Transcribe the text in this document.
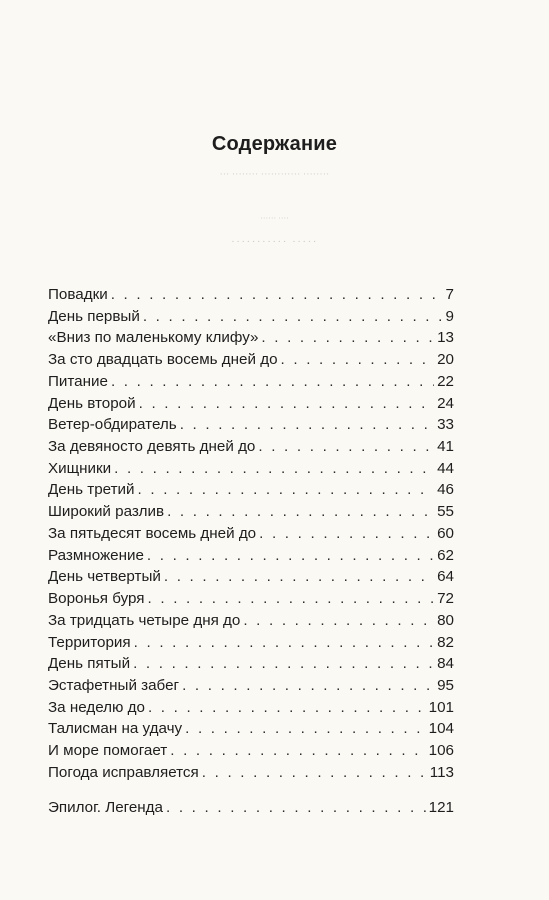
··· ········ ············ ········
······ ····
··········· ·····
Содержание
Повадки . . .	7
День первый . . .	9
«Вниз по маленькому клифу» . . .	13
За сто двадцать восемь дней до . . .	20
Питание . . .	22
День второй . . .	24
Ветер-обдиратель . . .	33
За девяносто девять дней до . . .	41
Хищники . . .	44
День третий . . .	46
Широкий разлив . . .	55
За пятьдесят восемь дней до . . .	60
Размножение . . .	62
День четвертый . . .	64
Воронья буря . . .	72
За тридцать четыре дня до . . .	80
Территория . . .	82
День пятый . . .	84
Эстафетный забег . . .	95
За неделю до . . .	101
Талисман на удачу . . .	104
И море помогает . . .	106
Погода исправляется . . .	113
Эпилог. Легенда . . .	121
